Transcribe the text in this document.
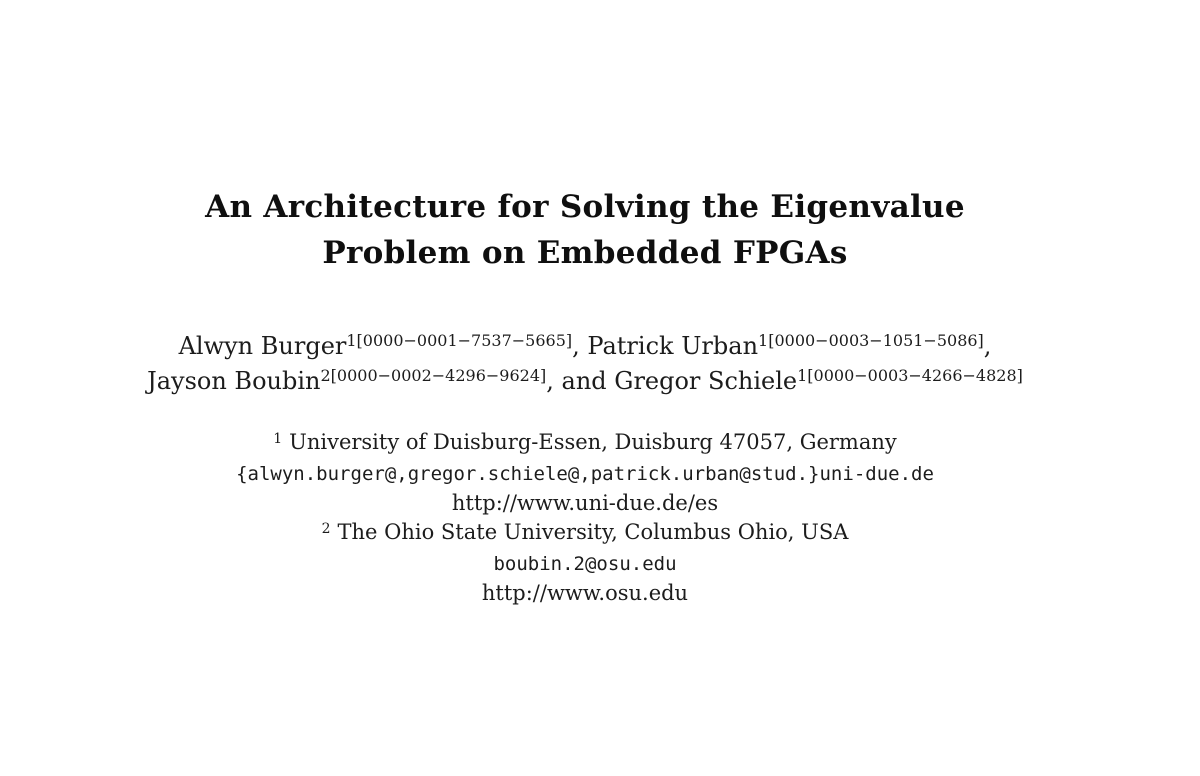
An Architecture for Solving the Eigenvalue
Problem on Embedded FPGAs
Alwyn Burger$^{1[0000-0001-7537-5665]}$, Patrick Urban$^{1[0000-0003-1051-5086]}$,
Jayson Boubin$^{2[0000-0002-4296-9624]}$, and Gregor Schiele$^{1[0000-0003-4266-4828]}$
$^1$ University of Duisburg-Essen, Duisburg 47057, Germany
{alwyn.burger@,gregor.schiele@,patrick.urban@stud.}uni-due.de
http://www.uni-due.de/es
$^2$ The Ohio State University, Columbus Ohio, USA
boubin.2@osu.edu
http://www.osu.edu
